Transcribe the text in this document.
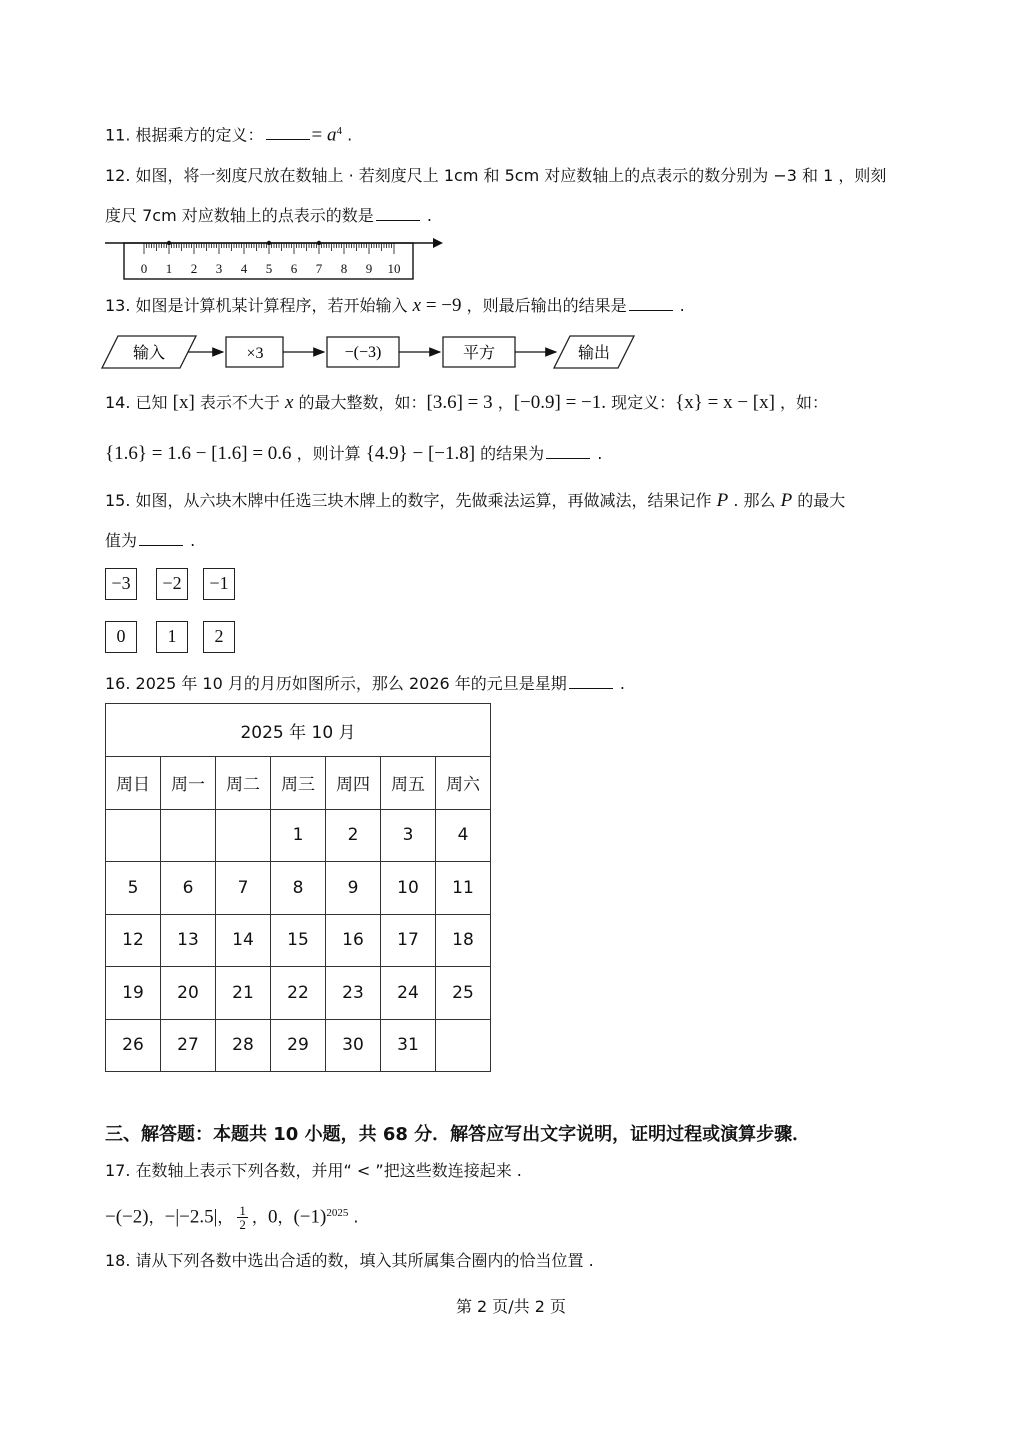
11. 根据乘方的定义：	= $a^4$ .
12. 如图，将一刻度尺放在数轴上 · 若刻度尺上 1cm 和 5cm 对应数轴上的点表示的数分别为 −3 和 1 ，则刻
度尺 7cm 对应数轴上的点表示的数是	.
0 1 2 3 4 5 6 7 8 9 10
13. 如图是计算机某计算程序，若开始输入 x = −9 ，则最后输出的结果是	.
输入	×3	−(−3)	平方	输出
14. 已知 [x] 表示不大于 x 的最大整数，如：[3.6] = 3 ，[−0.9] = −1. 现定义：{x} = x − [x] ，如：
{1.6} = 1.6 − [1.6] = 0.6 ，则计算 {4.9} − [−1.8] 的结果为	.
15. 如图，从六块木牌中任选三块木牌上的数字，先做乘法运算，再做减法，结果记作 P . 那么 P 的最大
值为	.
−3	−2	−1
0	1	2
16. 2025 年 10 月的月历如图所示，那么 2026 年的元旦是星期	.
2025 年 10 月						
周日	周一	周二	周三	周四	周五	周六
			1	2	3	4
5	6	7	8	9	10	11
12	13	14	15	16	17	18
19	20	21	22	23	24	25
26	27	28	29	30	31	
三、解答题：本题共 10 小题，共 68 分．解答应写出文字说明，证明过程或演算步骤．
17. 在数轴上表示下列各数，并用“ < ”把这些数连接起来 .
−(−2)，−|−2.5|， $\frac{1}{2}$ ，0，$(-1)^{2025}$ .
18. 请从下列各数中选出合适的数，填入其所属集合圈内的恰当位置 .
第 2 页/共 2 页
